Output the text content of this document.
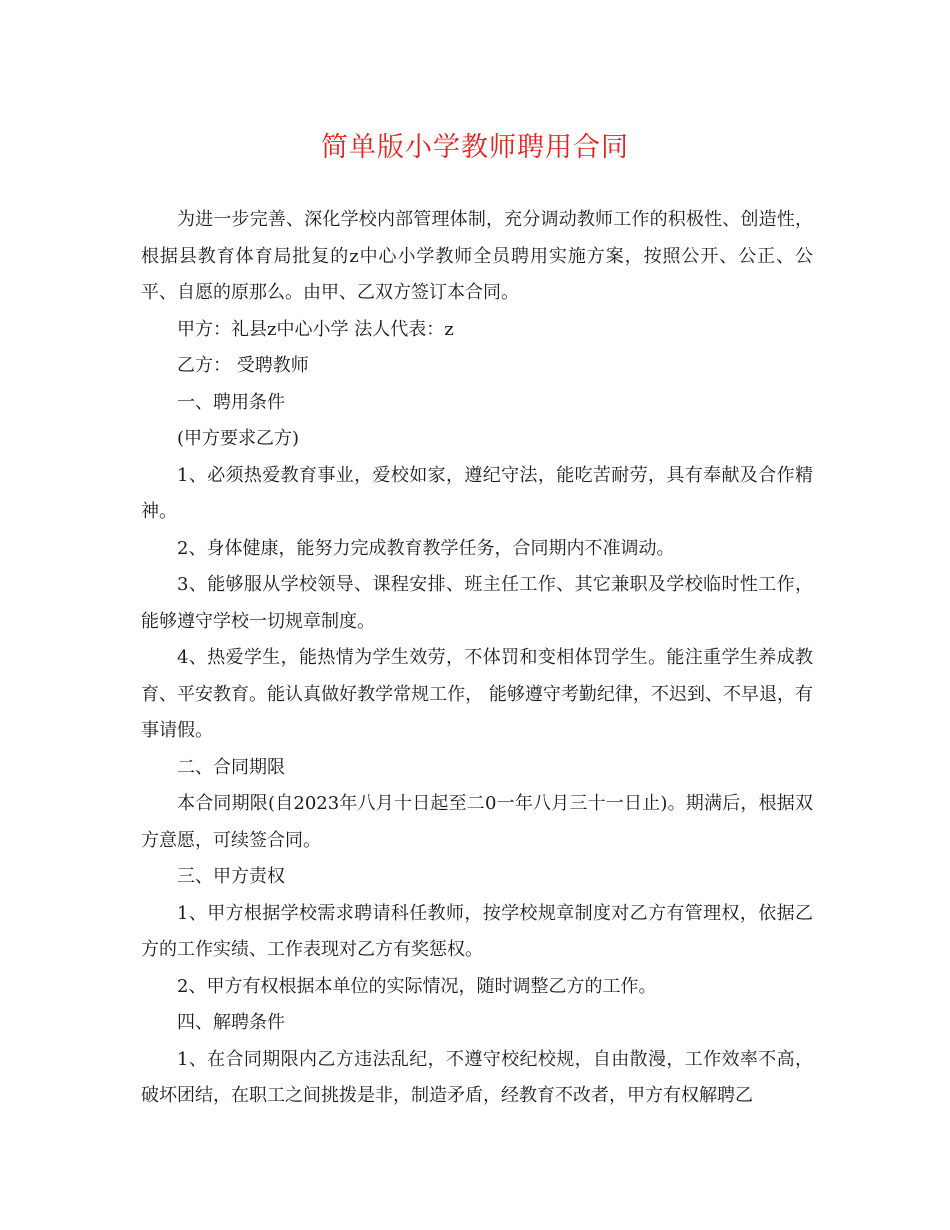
简单版小学教师聘用合同

为进一步完善、深化学校内部管理体制，充分调动教师工作的积极性、创造性，根据县教育体育局批复的z中心小学教师全员聘用实施方案，按照公开、公正、公平、自愿的原那么。由甲、乙双方签订本合同。

甲方：礼县z中心小学 法人代表：z

乙方： 受聘教师

一、聘用条件

(甲方要求乙方)

1、必须热爱教育事业，爱校如家，遵纪守法，能吃苦耐劳，具有奉献及合作精神。

2、身体健康，能努力完成教育教学任务，合同期内不准调动。

3、能够服从学校领导、课程安排、班主任工作、其它兼职及学校临时性工作，能够遵守学校一切规章制度。

4、热爱学生，能热情为学生效劳，不体罚和变相体罚学生。能注重学生养成教育、平安教育。能认真做好教学常规工作， 能够遵守考勤纪律，不迟到、不早退，有事请假。

二、合同期限

本合同期限(自2023年八月十日起至二0一年八月三十一日止)。期满后，根据双方意愿，可续签合同。

三、甲方责权

1、甲方根据学校需求聘请科任教师，按学校规章制度对乙方有管理权，依据乙方的工作实绩、工作表现对乙方有奖惩权。

2、甲方有权根据本单位的实际情况，随时调整乙方的工作。

四、解聘条件

1、在合同期限内乙方违法乱纪，不遵守校纪校规，自由散漫，工作效率不高，破坏团结，在职工之间挑拨是非，制造矛盾，经教育不改者，甲方有权解聘乙
